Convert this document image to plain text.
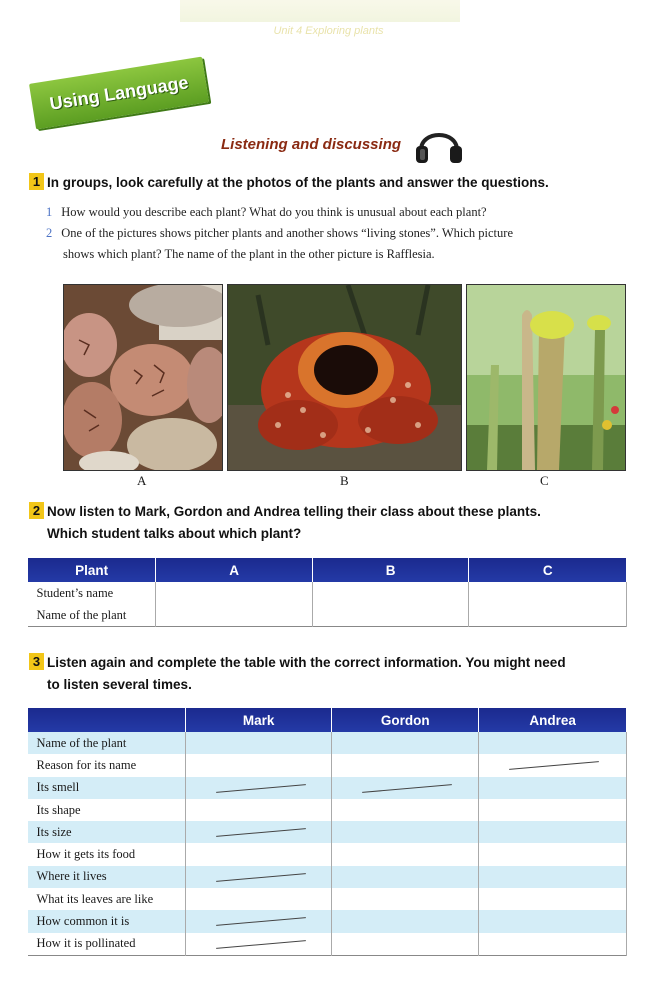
Unit 4 Exploring plants
Using Language
Listening and discussing
1 In groups, look carefully at the photos of the plants and answer the questions.
1 How would you describe each plant? What do you think is unusual about each plant?
2 One of the pictures shows pitcher plants and another shows “living stones”. Which picture
shows which plant? The name of the plant in the other picture is Rafflesia.
A	B	C
2 Now listen to Mark, Gordon and Andrea telling their class about these plants.
Which student talks about which plant?
Plant	A	B	C
Student’s name			
Name of the plant			
3 Listen again and complete the table with the correct information. You might need
to listen several times.
	Mark	Gordon	Andrea
Name of the plant			
Reason for its name			

Its smell	

Its shape			
Its size	

How it gets its food			
Where it lives	

What its leaves are like			
How common it is	

How it is pollinated	
